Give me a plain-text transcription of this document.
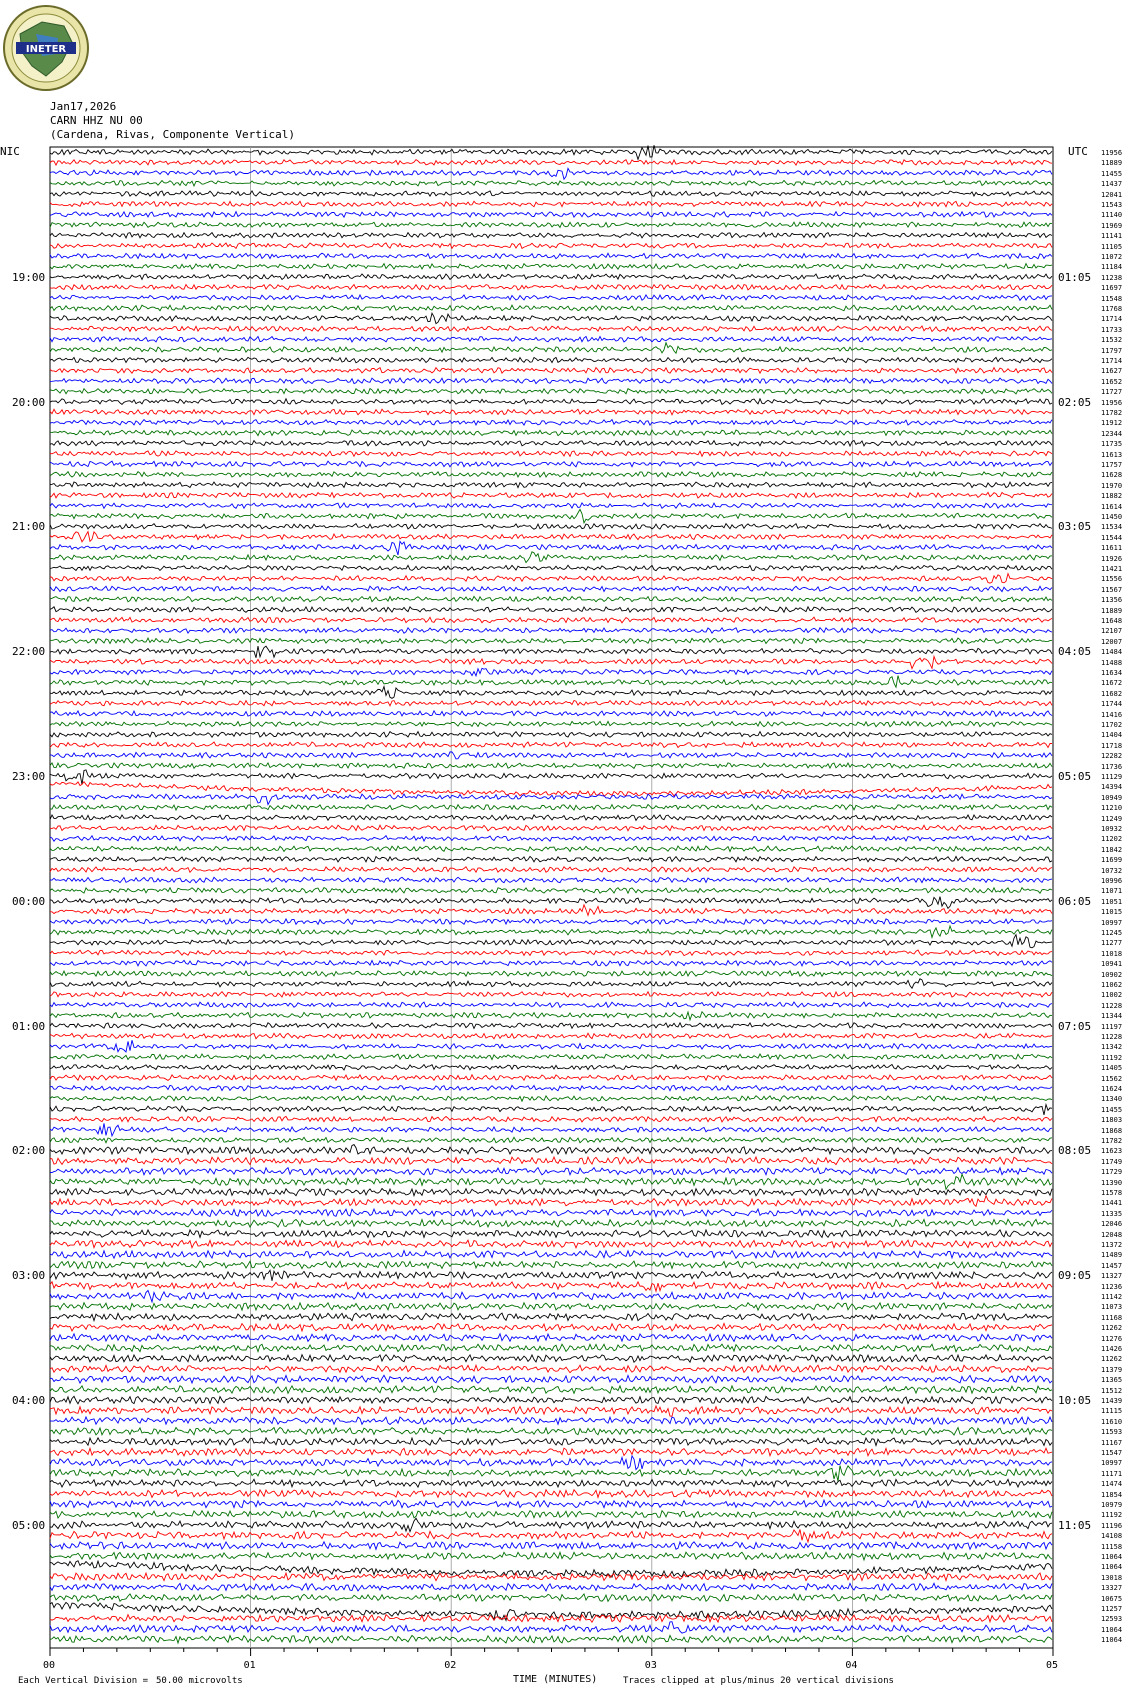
INETER
Jan17,2026
CARN HHZ NU 00
(Cardena, Rivas, Componente Vertical)
NIC	UTC
19:00
20:00
21:00
22:00
23:00
00:00
01:00
02:00
03:00
04:00
05:00
01:05
02:05
03:05
04:05
05:05
06:05
07:05
08:05
09:05
10:05
11:05
11956
11889
11455
11437
12041
11543
11140
11969
11141
11105
11072
11184
11238
11697
11548
11768
11714
11733
11532
11797
11714
11627
11652
11727
11956
11782
11912
12344
11735
11613
11757
11628
11970
11882
11614
11450
11534
11544
11611
11926
11421
11556
11567
11356
11889
11648
12107
12007
11484
11488
11634
11672
11682
11744
11416
11702
11404
11718
12282
11736
11129
14394
10949
11210
11249
10932
11202
11842
11699
10732
10996
11071
11051
11015
10997
11245
11277
11018
10941
10902
11062
11002
11228
11344
11197
11228
11342
11192
11405
11562
11624
11340
11455
11803
11868
11782
11623
11749
11729
11390
11578
11441
11335
12046
12048
11372
11489
11457
11327
11236
11142
11073
11168
11262
11276
11426
11262
11379
11365
11512
11439
11115
11610
11593
11167
11547
10997
11171
11474
11854
10979
11192
11196
14108
11158
11064
11064
13018
13327
10675
11257
12593
11064
11064
00	01	02	03	04	05
TIME (MINUTES)
Each Vertical Division = 50.00 microvolts	Traces clipped at plus/minus 20 vertical divisions
